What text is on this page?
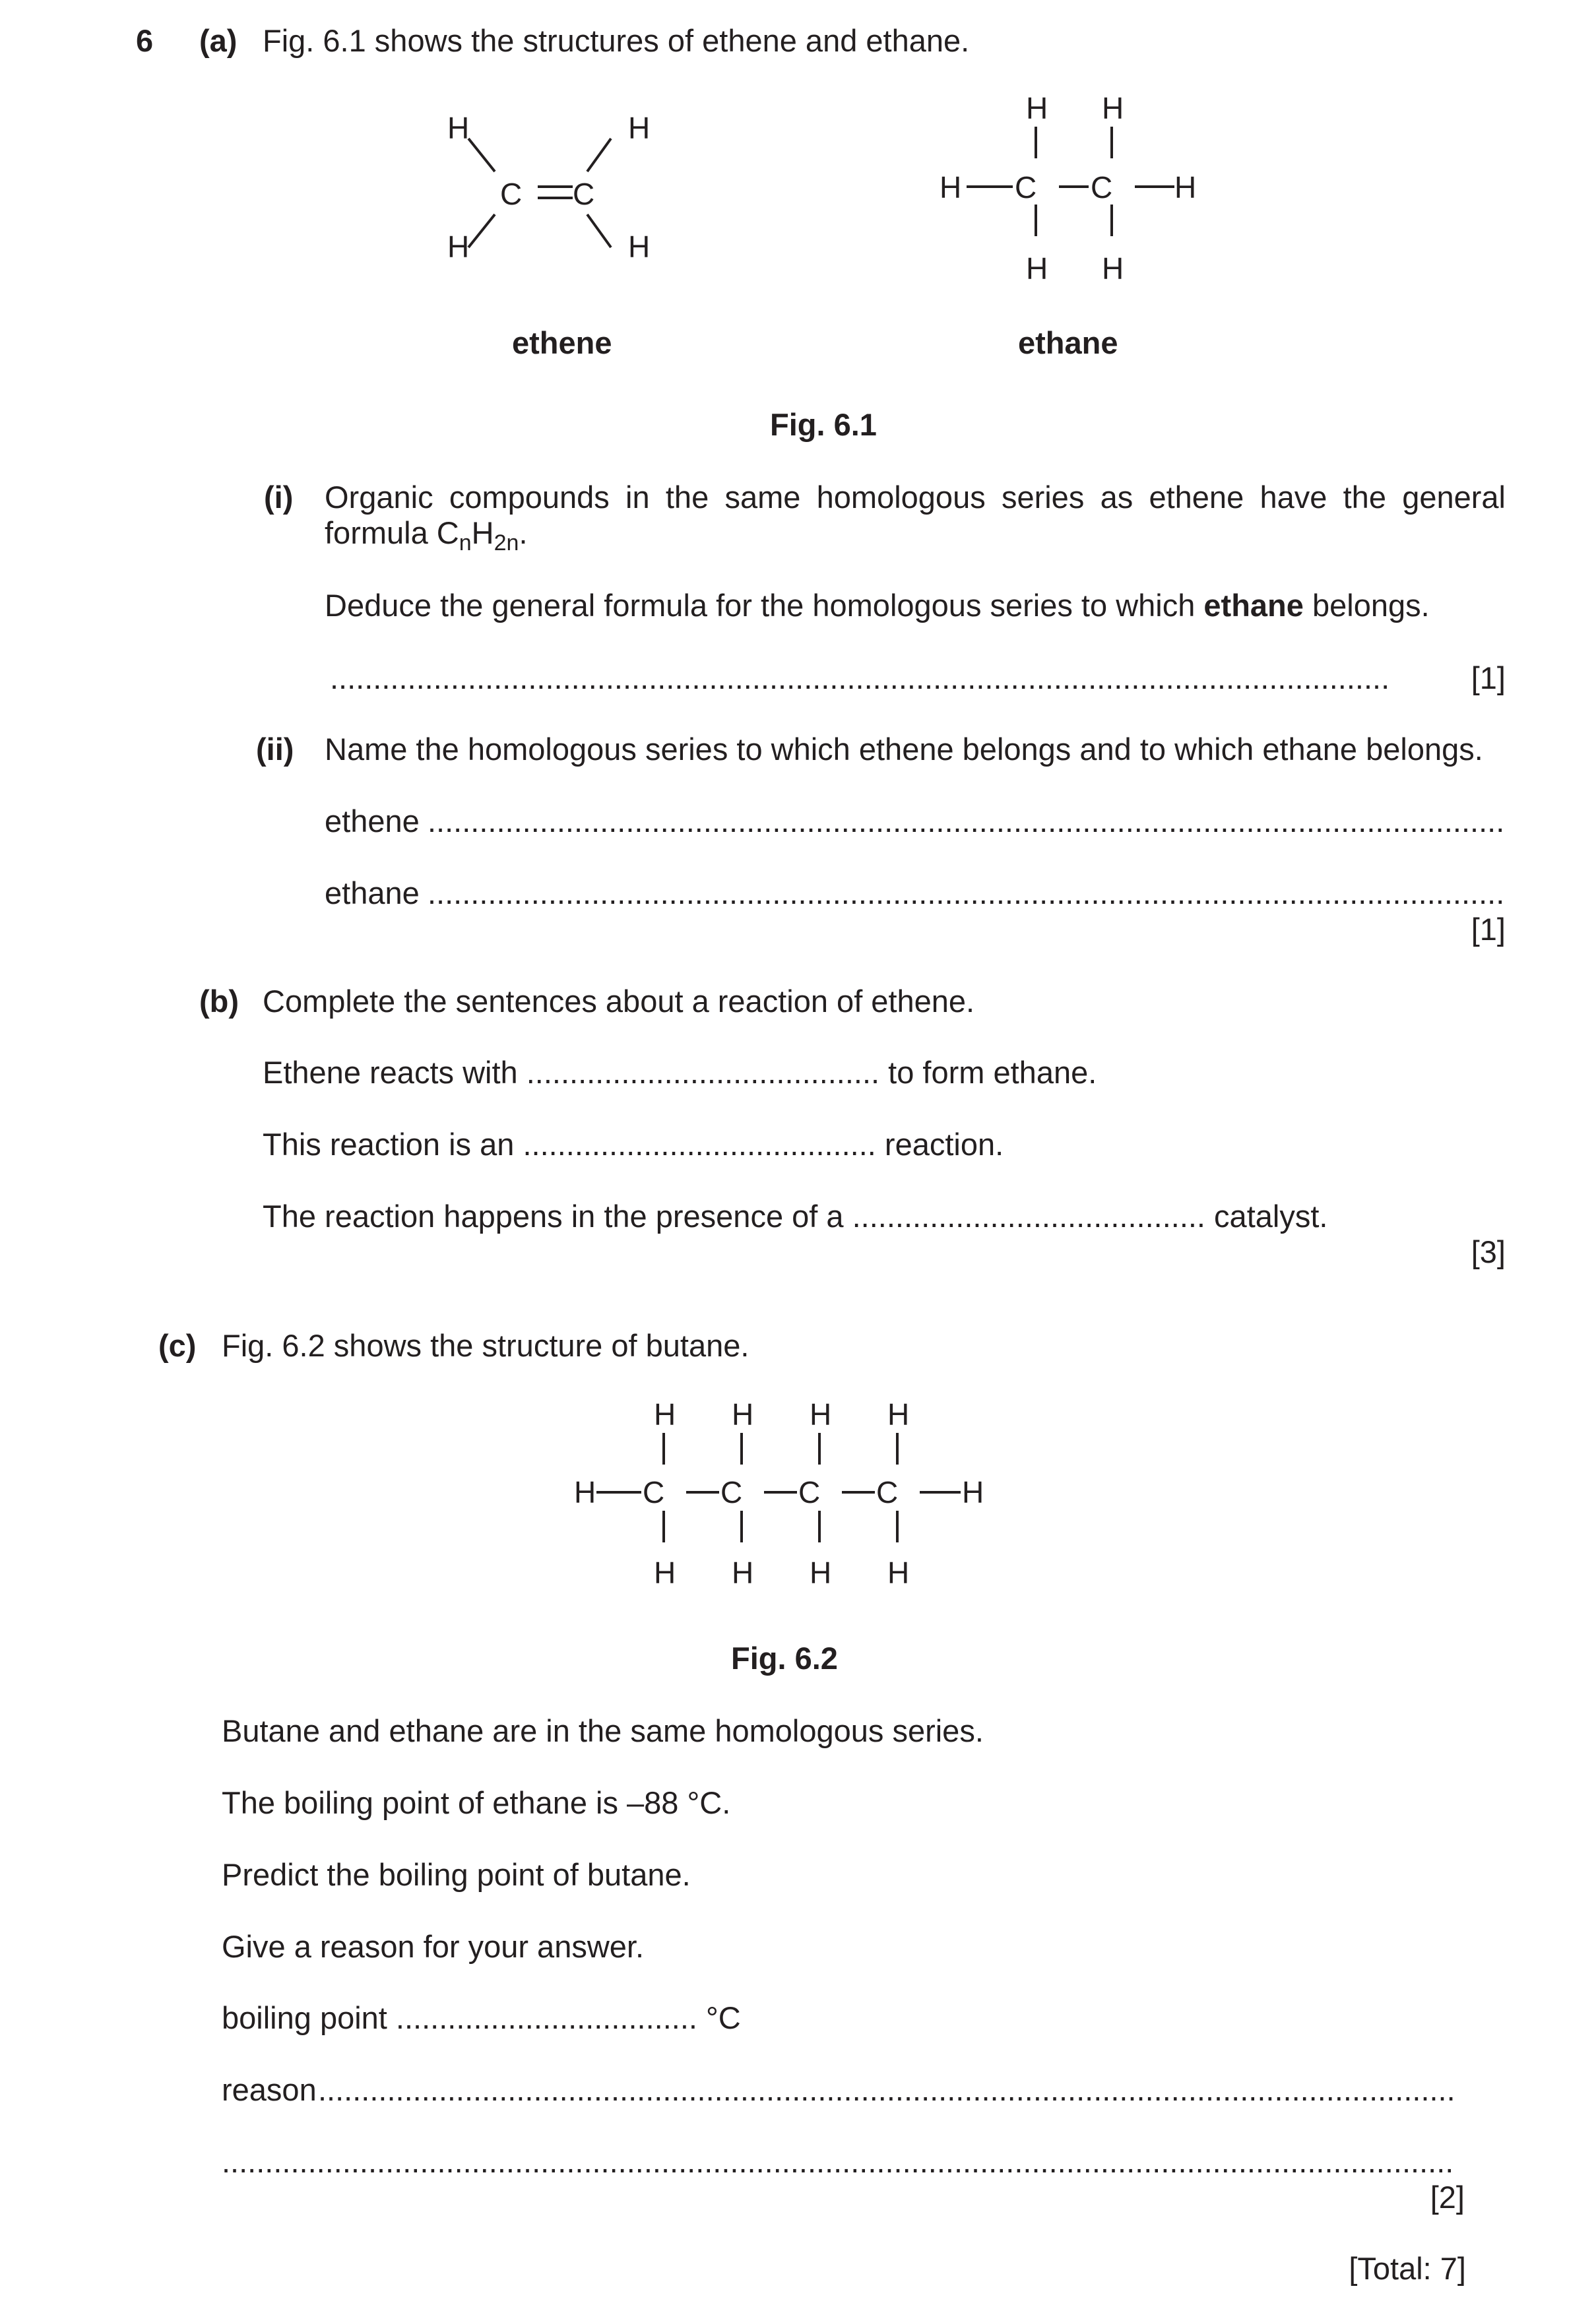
6 (a) Fig. 6.1 shows the structures of ethene and ethane.
H
H
C C
H
H
H H
H C C H
H H
ethene	ethane
Fig. 6.1
(i) Organic compounds in the same homologous series as ethene have the general
formula $C_nH_{2n}$.
Deduce the general formula for the homologous series to which ethane belongs.
...........................................................................................................................	[1]
(ii) Name the homologous series to which ethene belongs and to which ethane belongs.
ethene .............................................................................................................................
ethane .............................................................................................................................
[1]
(b) Complete the sentences about a reaction of ethene.
Ethene reacts with ......................................... to form ethane.
This reaction is an ......................................... reaction.
The reaction happens in the presence of a ......................................... catalyst.
[3]
(c) Fig. 6.2 shows the structure of butane.
H H H H
H C C C C H
H H H H
Fig. 6.2
Butane and ethane are in the same homologous series.
The boiling point of ethane is –88 °C.
Predict the boiling point of butane.
Give a reason for your answer.
boiling point ................................... °C
reason ....................................................................................................................................
...............................................................................................................................................
[2]
[Total: 7]
